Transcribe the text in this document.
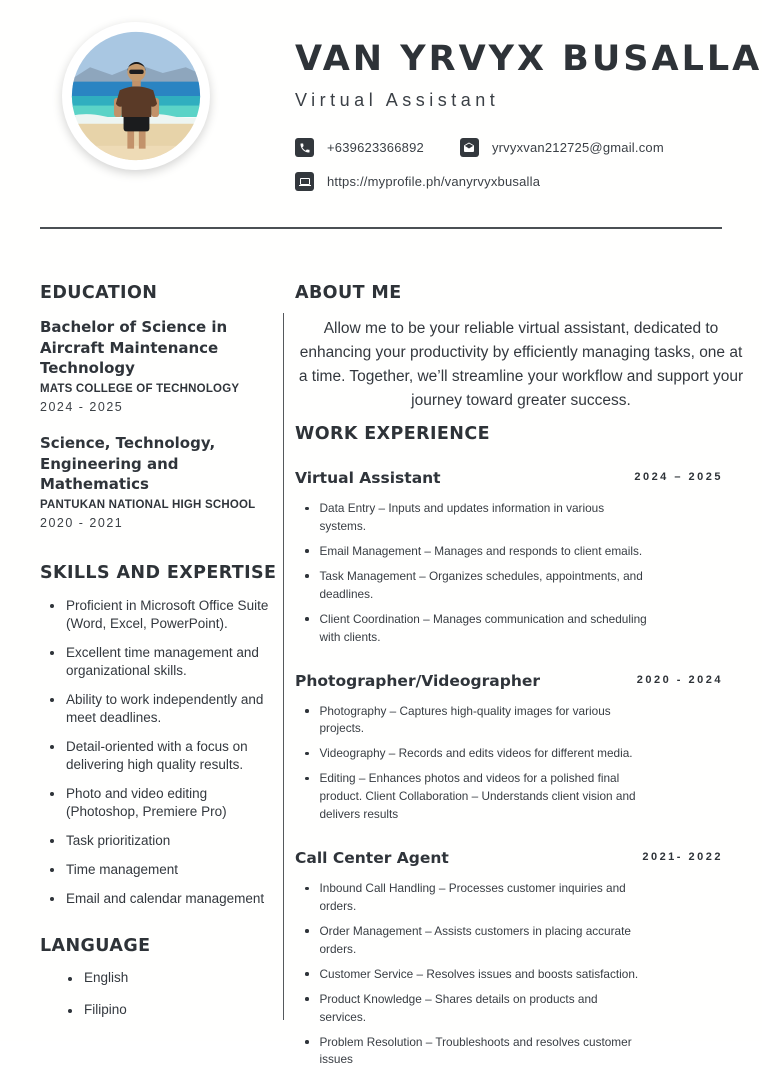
VAN YRVYX BUSALLA
Virtual Assistant
+639623366892	yrvyxvan212725@gmail.com
https://myprofile.ph/vanyrvyxbusalla
EDUCATION
Bachelor of Science in Aircraft Maintenance Technology
MATS COLLEGE OF TECHNOLOGY
2024 - 2025
Science, Technology, Engineering and Mathematics
PANTUKAN NATIONAL HIGH SCHOOL
2020 - 2021
SKILLS AND EXPERTISE
Proficient in Microsoft Office Suite (Word, Excel, PowerPoint).
Excellent time management and organizational skills.
Ability to work independently and meet deadlines.
Detail-oriented with a focus on delivering high quality results.
Photo and video editing (Photoshop, Premiere Pro)
Task prioritization
Time management
Email and calendar management
LANGUAGE
English
Filipino
ABOUT ME

Allow me to be your reliable virtual assistant, dedicated to enhancing your productivity by efficiently managing tasks, one at a time. Together, we’ll streamline your workflow and support your journey toward greater success.

WORK EXPERIENCE
Virtual Assistant	2024 – 2025
Data Entry – Inputs and updates information in various systems.
Email Management – Manages and responds to client emails.
Task Management – Organizes schedules, appointments, and deadlines.
Client Coordination – Manages communication and scheduling with clients.
Photographer/Videographer	2020 - 2024
Photography – Captures high-quality images for various projects.
Videography – Records and edits videos for different media.
Editing – Enhances photos and videos for a polished final product. Client Collaboration – Understands client vision and delivers results
Call Center Agent	2021- 2022
Inbound Call Handling – Processes customer inquiries and orders.
Order Management – Assists customers in placing accurate orders.
Customer Service – Resolves issues and boosts satisfaction.
Product Knowledge – Shares details on products and services.
Problem Resolution – Troubleshoots and resolves customer issues
